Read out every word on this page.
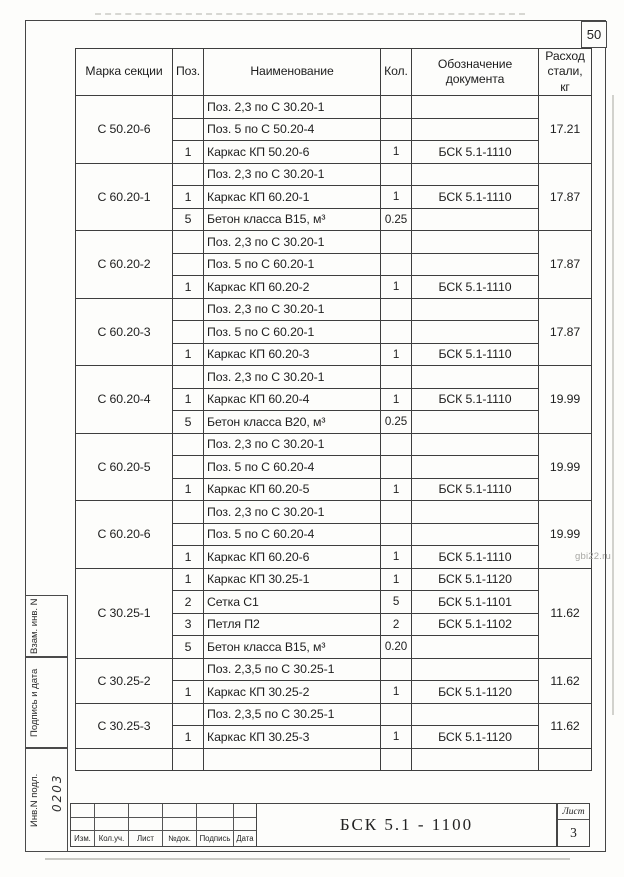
50
Марка секции	Поз.	Наименование	Кол.	Обозначение документа	Расход стали, кг
С 50.20-6		Поз. 2,3 по С 30.20-1			17.21
		Поз. 5 по С 50.20-4			
	1	Каркас КП 50.20-6	1	БСК 5.1-1110	
С 60.20-1		Поз. 2,3 по С 30.20-1			17.87
	1	Каркас КП 60.20-1	1	БСК 5.1-1110	
	5	Бетон класса В15, м³	0.25		
С 60.20-2		Поз. 2,3 по С 30.20-1			17.87
		Поз. 5 по С 60.20-1			
	1	Каркас КП 60.20-2	1	БСК 5.1-1110	
С 60.20-3		Поз. 2,3 по С 30.20-1			17.87
		Поз. 5 по С 60.20-1			
	1	Каркас КП 60.20-3	1	БСК 5.1-1110	
С 60.20-4		Поз. 2,3 по С 30.20-1			19.99
	1	Каркас КП 60.20-4	1	БСК 5.1-1110	
	5	Бетон класса В20, м³	0.25		
С 60.20-5		Поз. 2,3 по С 30.20-1			19.99
		Поз. 5 по С 60.20-4			
	1	Каркас КП 60.20-5	1	БСК 5.1-1110	
С 60.20-6		Поз. 2,3 по С 30.20-1			19.99
		Поз. 5 по С 60.20-4			
	1	Каркас КП 60.20-6	1	БСК 5.1-1110	
С 30.25-1	1	Каркас КП 30.25-1	1	БСК 5.1-1120	11.62
	2	Сетка С1	5	БСК 5.1-1101	
	3	Петля П2	2	БСК 5.1-1102	
	5	Бетон класса В15, м³	0.20		
С 30.25-2		Поз. 2,3,5 по С 30.25-1			11.62
	1	Каркас КП 30.25-2	1	БСК 5.1-1120	
С 30.25-3		Поз. 2,3,5 по С 30.25-1			11.62
	1	Каркас КП 30.25-3	1	БСК 5.1-1120	

Взам. инв. N
Подпись и дата
Инв.N подл. 0203
Изм.	Кол.уч.	Лист	№док.	Подпись Дата
БСК 5.1 - 1100
Лист
3
gbi22.ru
